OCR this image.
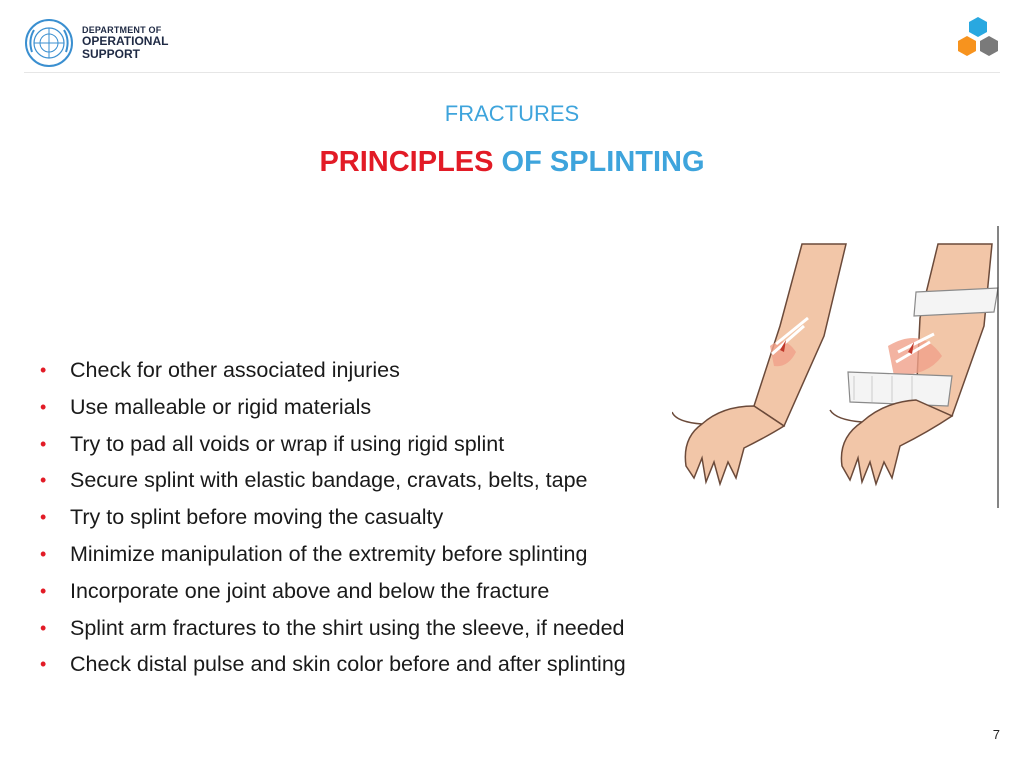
DEPARTMENT OF
OPERATIONAL
SUPPORT
FRACTURES
PRINCIPLES OF SPLINTING
•	Check for other associated injuries
•	Use malleable or rigid materials
•	Try to pad all voids or wrap if using rigid splint
•	Secure splint with elastic bandage, cravats, belts, tape
•	Try to splint before moving the casualty
•	Minimize manipulation of the extremity before splinting
•	Incorporate one joint above and below the fracture
•	Splint arm fractures to the shirt using the sleeve, if needed
•	Check distal pulse and skin color before and after splinting
7
